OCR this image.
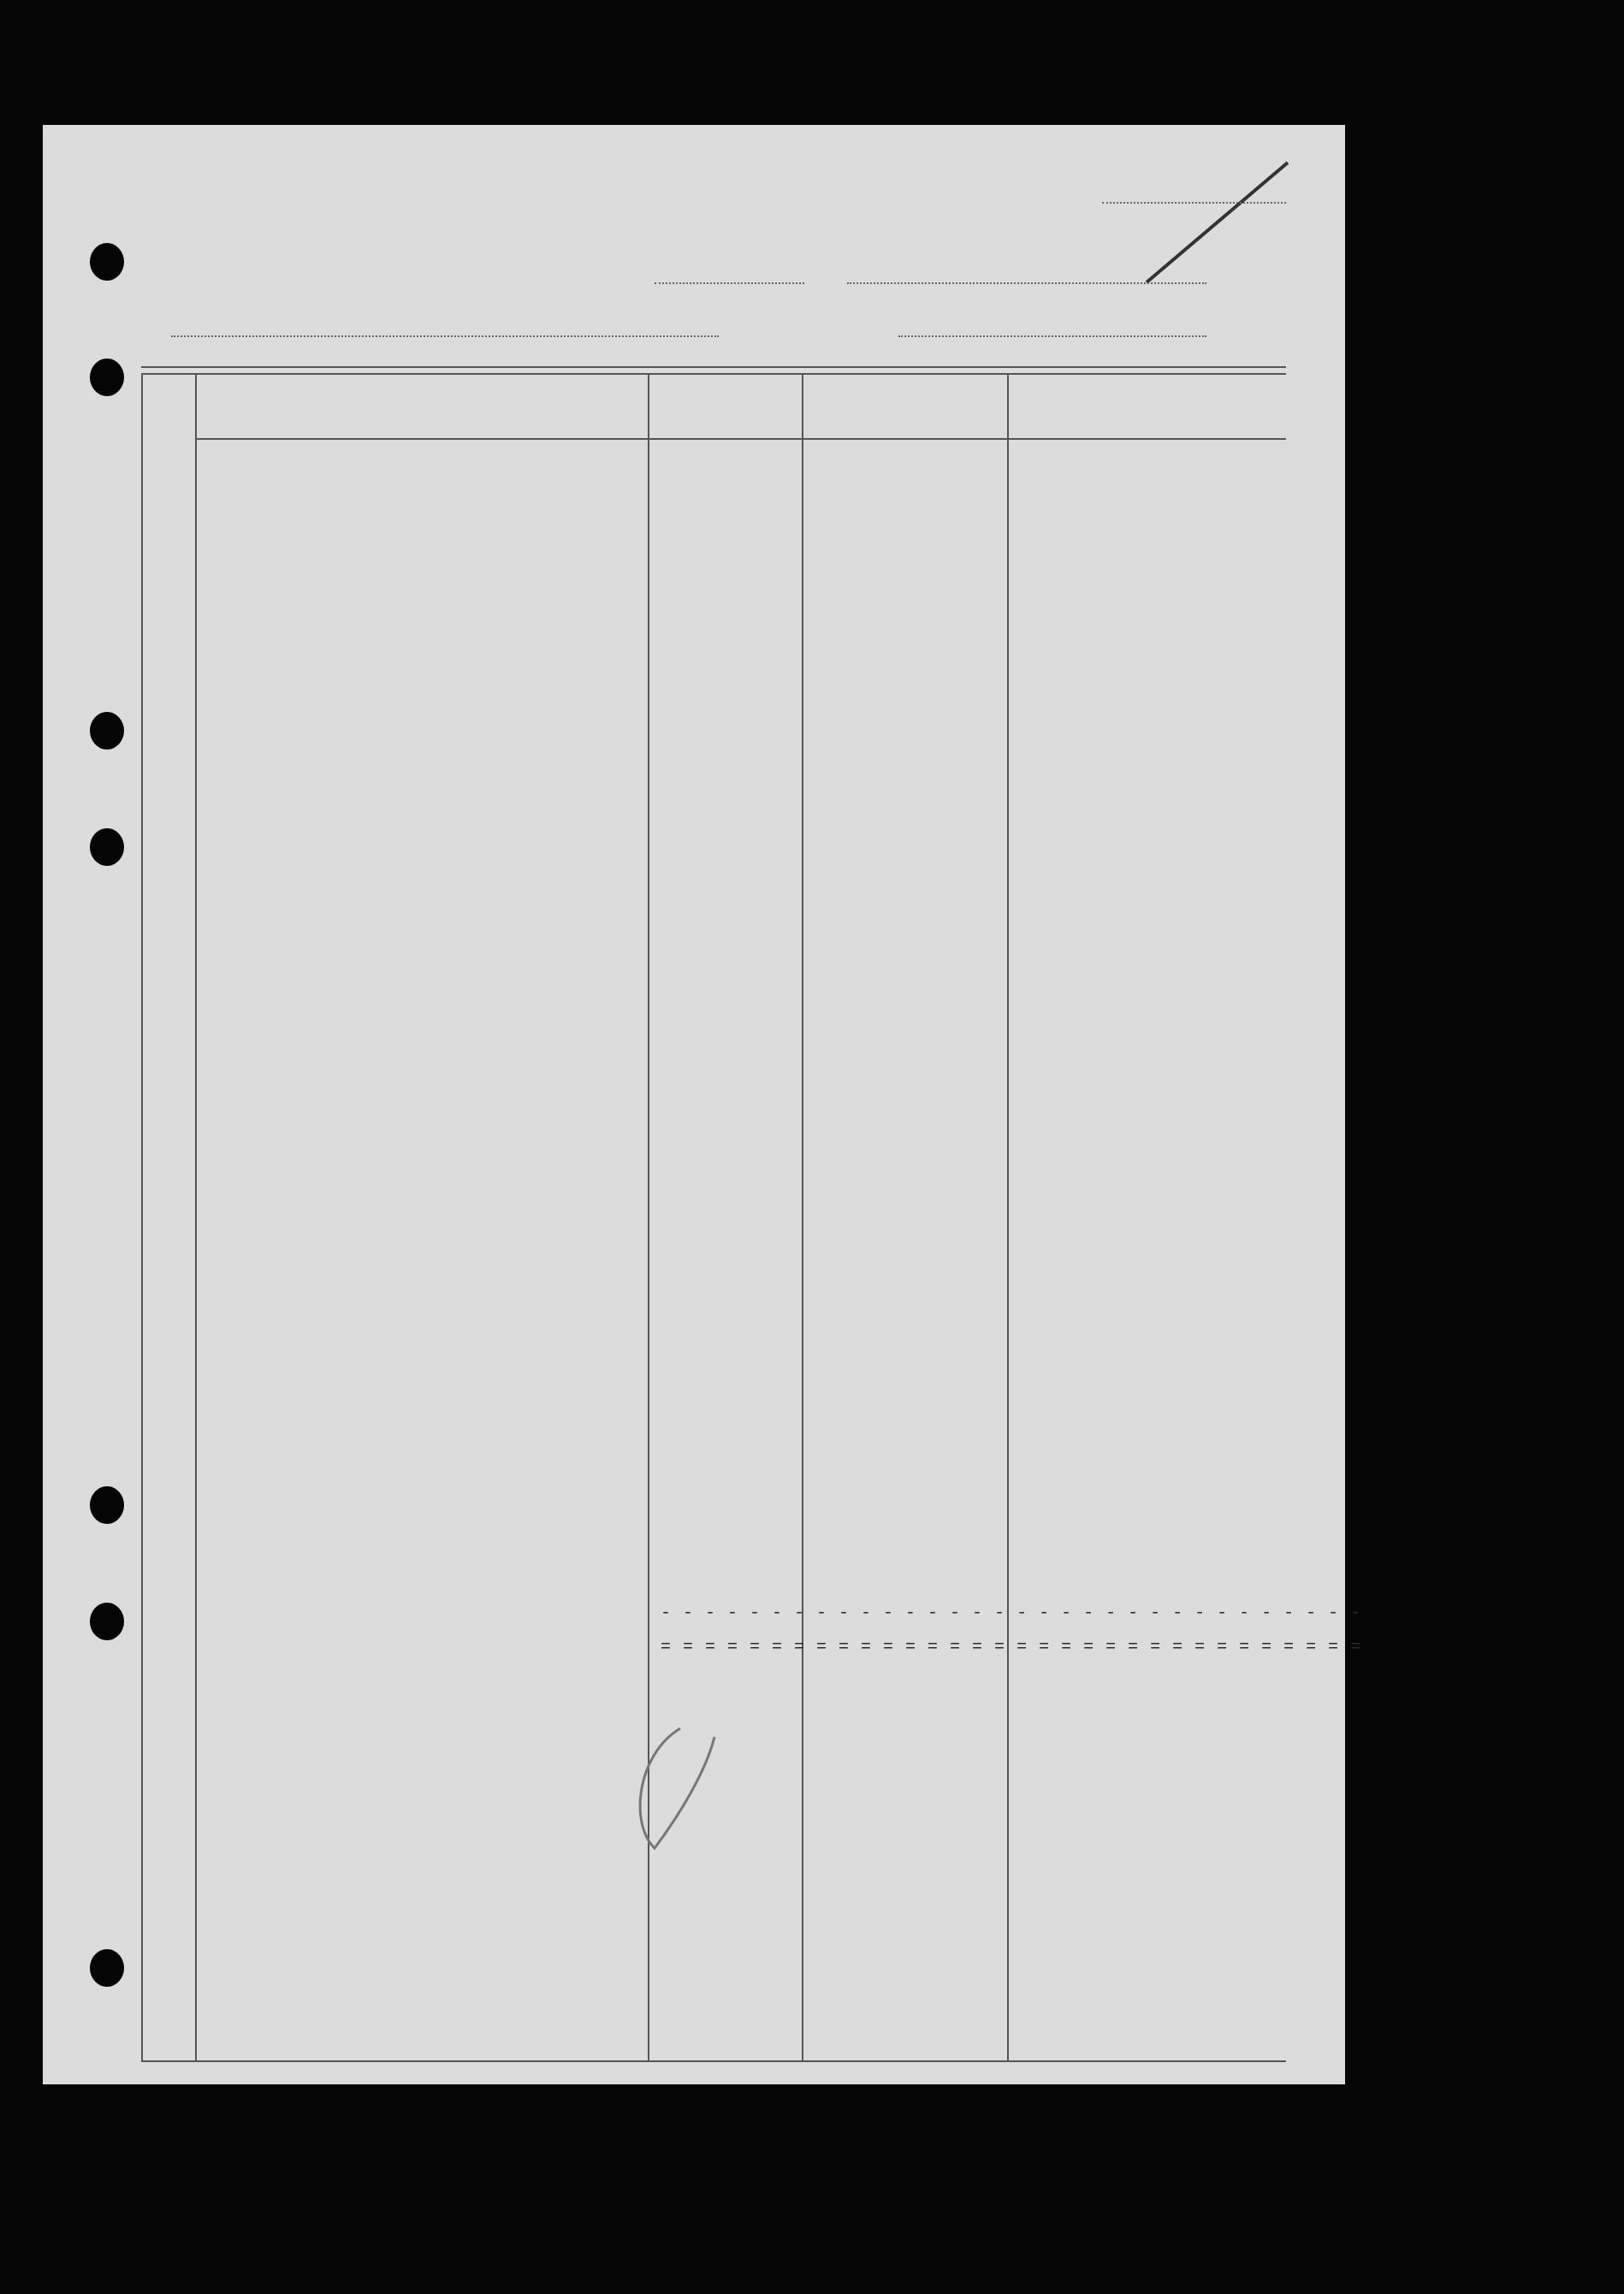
- - - - - - - - - - - - - - - - - - - - - - - - - - - - - - - -
= = = = = = = = = = = = = = = = = = = = = = = = = = = = = = = =
